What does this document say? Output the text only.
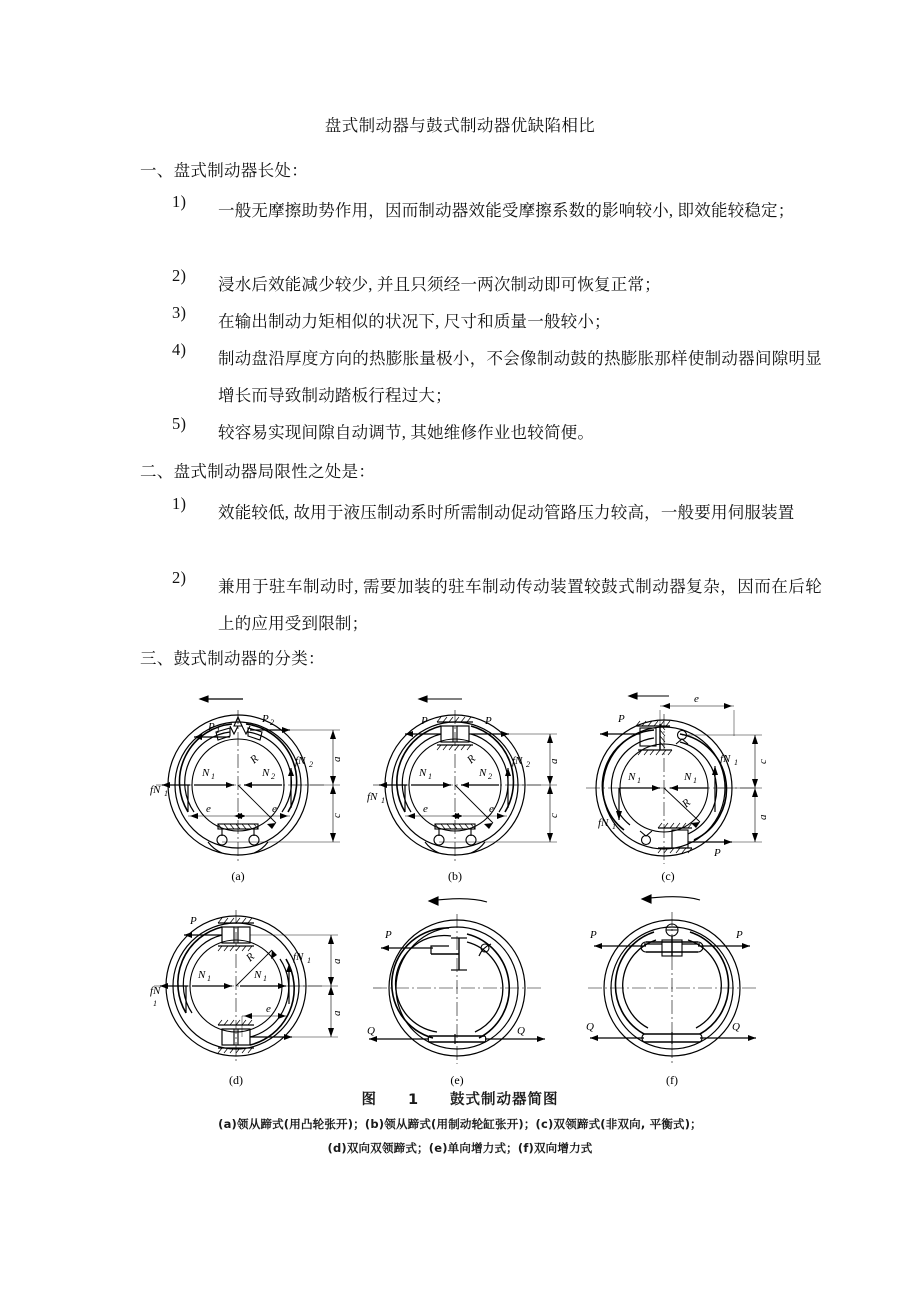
盘式制动器与鼓式制动器优缺陷相比
一、盘式制动器长处：
1)	一般无摩擦助势作用，因而制动器效能受摩擦系数的影响较小, 即效能较稳定；
2)	浸水后效能减少较少, 并且只须经一两次制动即可恢复正常；
3)	在输出制动力矩相似的状况下, 尺寸和质量一般较小；
4)	制动盘沿厚度方向的热膨胀量极小，不会像制动鼓的热膨胀那样使制动器间隙明显增长而导致制动踏板行程过大；
5)	较容易实现间隙自动调节, 其她维修作业也较简便。
二、盘式制动器局限性之处是：
1)	效能较低, 故用于液压制动系时所需制动促动管路压力较高，一般要用伺服装置
2)	兼用于驻车制动时, 需要加装的驻车制动传动装置较鼓式制动器复杂，因而在后轮上的应用受到限制；
三、鼓式制动器的分类：
P 1
P 2
N 1	N 2
fN 1
fN 2
R
e	e
a
c
(a)
P	P
N 1	N 2
fN 1
fN 2
R
e	e
a
c
(b)
P
P
N 1	N 1
fN 1
fN 1
R
e
c
a
(c)
P
N 1	N 1
fN
1
fN 1
R
e
a
a
(d)
P
Q	Q
(e)
P	P
Q	Q
(f)
图　　1　　鼓式制动器简图
(a)领从蹄式(用凸轮张开)；(b)领从蹄式(用制动轮缸张开)；(c)双领蹄式(非双向, 平衡式)；
(d)双向双领蹄式；(e)单向增力式；(f)双向增力式
